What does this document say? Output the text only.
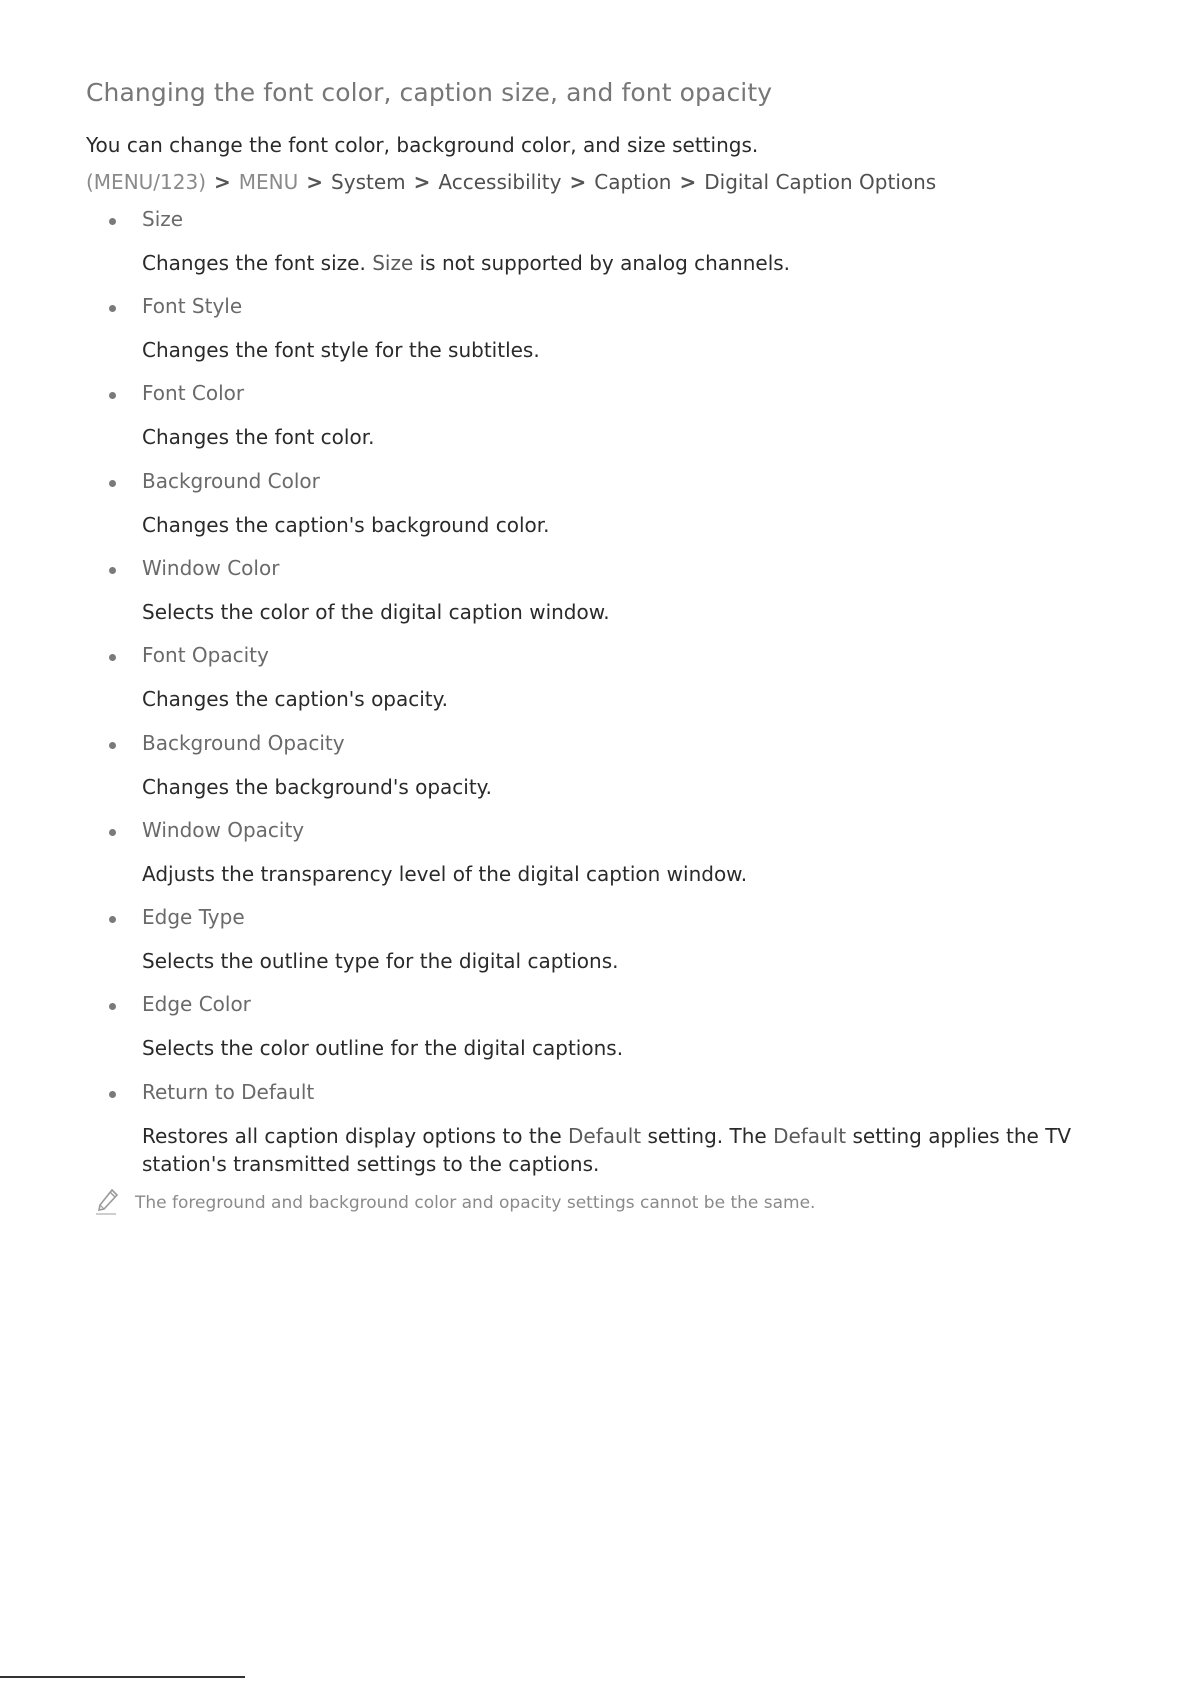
Changing the font color, caption size, and font opacity

You can change the font color, background color, and size settings.

(MENU/123) > MENU > System > Accessibility > Caption > Digital Caption Options
Size

Changes the font size. Size is not supported by analog channels.

Font Style

Changes the font style for the subtitles.

Font Color

Changes the font color.

Background Color

Changes the caption's background color.

Window Color

Selects the color of the digital caption window.

Font Opacity

Changes the caption's opacity.

Background Opacity

Changes the background's opacity.

Window Opacity

Adjusts the transparency level of the digital caption window.

Edge Type

Selects the outline type for the digital captions.

Edge Color

Selects the color outline for the digital captions.

Return to Default

Restores all caption display options to the Default setting. The Default setting applies the TV station's transmitted settings to the captions.

The foreground and background color and opacity settings cannot be the same.
